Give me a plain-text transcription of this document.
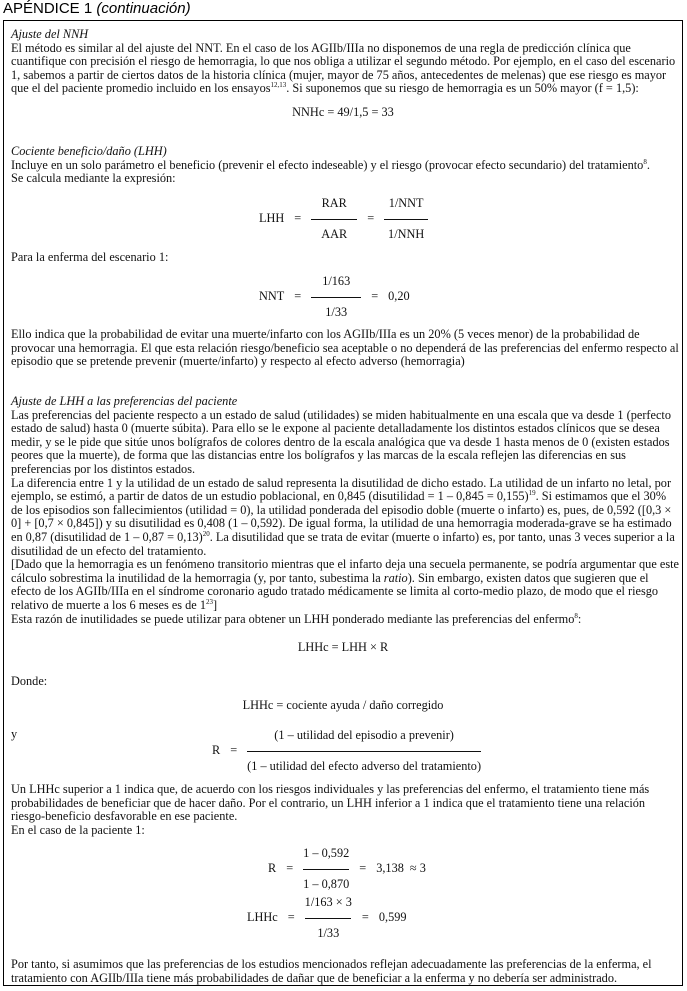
APÉNDICE 1 (continuación)
Ajuste del NNH
El método es similar al del ajuste del NNT. En el caso de los AGIIb/IIIa no disponemos de una regla de predicción clínica que cuantifique con precisión el riesgo de hemorragia, lo que nos obliga a utilizar el segundo método. Por ejemplo, en el caso del escenario 1, sabemos a partir de ciertos datos de la historia clínica (mujer, mayor de 75 años, antecedentes de melenas) que ese riesgo es mayor que el del paciente promedio incluido en los ensayos$^{12,13}$. Si suponemos que su riesgo de hemorragia es un 50% mayor (f = 1,5):
NNHc = 49/1,5 = 33
Cociente beneficio/daño (LHH)
Incluye en un solo parámetro el beneficio (prevenir el efecto indeseable) y el riesgo (provocar efecto secundario) del tratamiento$^8$.
Se calcula mediante la expresión:
LHH = $\frac{\text{RAR}}{\text{AAR}} = \frac{\text{1/NNT}}{\text{1/NNH}}$
Para la enferma del escenario 1:
NNT = $\frac{1/163}{1/33} = 0,20$
Ello indica que la probabilidad de evitar una muerte/infarto con los AGIIb/IIIa es un 20% (5 veces menor) de la probabilidad de provocar una hemorragia. El que esta relación riesgo/beneficio sea aceptable o no dependerá de las preferencias del enfermo respecto al episodio que se pretende prevenir (muerte/infarto) y respecto al efecto adverso (hemorragia)
Ajuste de LHH a las preferencias del paciente
Las preferencias del paciente respecto a un estado de salud (utilidades) se miden habitualmente en una escala que va desde 1 (perfecto estado de salud) hasta 0 (muerte súbita). Para ello se le expone al paciente detalladamente los distintos estados clínicos que se desea medir, y se le pide que sitúe unos bolígrafos de colores dentro de la escala analógica que va desde 1 hasta menos de 0 (existen estados peores que la muerte), de forma que las distancias entre los bolígrafos y las marcas de la escala reflejen las diferencias en sus preferencias por los distintos estados.
La diferencia entre 1 y la utilidad de un estado de salud representa la disutilidad de dicho estado. La utilidad de un infarto no letal, por ejemplo, se estimó, a partir de datos de un estudio poblacional, en 0,845 (disutilidad = 1 – 0,845 = 0,155)$^{19}$. Si estimamos que el 30% de los episodios son fallecimientos (utilidad = 0), la utilidad ponderada del episodio doble (muerte o infarto) es, pues, de 0,592 ([0,3 × 0] + [0,7 × 0,845]) y su disutilidad es 0,408 (1 – 0,592). De igual forma, la utilidad de una hemorragia moderada-grave se ha estimado en 0,87 (disutilidad de 1 – 0,87 = 0,13)$^{20}$. La disutilidad que se trata de evitar (muerte o infarto) es, por tanto, unas 3 veces superior a la disutilidad de un efecto del tratamiento.
[Dado que la hemorragia es un fenómeno transitorio mientras que el infarto deja una secuela permanente, se podría argumentar que este cálculo sobrestima la inutilidad de la hemorragia (y, por tanto, subestima la ratio). Sin embargo, existen datos que sugieren que el efecto de los AGIIb/IIIa en el síndrome coronario agudo tratado médicamente se limita al corto-medio plazo, de modo que el riesgo relativo de muerte a los 6 meses es de $1^{23}$]
Esta razón de inutilidades se puede utilizar para obtener un LHH ponderado mediante las preferencias del enfermo$^8$:
LHHc = LHH × R
Donde:
LHHc = cociente ayuda / daño corregido
y
$R = \frac{\text{(1 – utilidad del episodio a prevenir)}}{\text{(1 – utilidad del efecto adverso del tratamiento)}}$
Un LHHc superior a 1 indica que, de acuerdo con los riesgos individuales y las preferencias del enfermo, el tratamiento tiene más probabilidades de beneficiar que de hacer daño. Por el contrario, un LHH inferior a 1 indica que el tratamiento tiene una relación riesgo-beneficio desfavorable en ese paciente.
En el caso de la paciente 1:
$R = \frac{1 - 0,592}{1 - 0,870} = 3,138 \approx 3$
LHHc = $\frac{1/163 \times 3}{1/33} = 0,599$
Por tanto, si asumimos que las preferencias de los estudios mencionados reflejan adecuadamente las preferencias de la enferma, el tratamiento con AGIIb/IIIa tiene más probabilidades de dañar que de beneficiar a la enferma y no debería ser administrado.
